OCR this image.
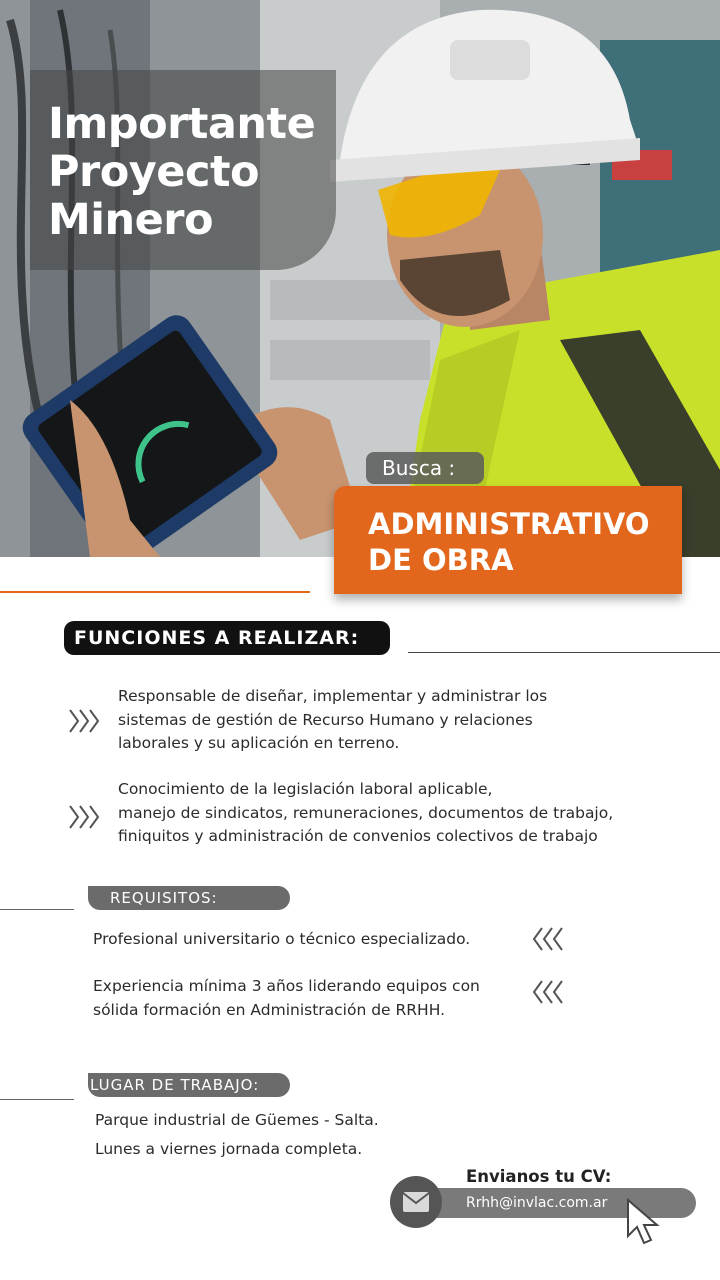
Importante
Proyecto
Minero
Busca :
ADMINISTRATIVO
DE OBRA
FUNCIONES A REALIZAR:
Responsable de diseñar, implementar y administrar los
sistemas de gestión de Recurso Humano y relaciones
laborales y su aplicación en terreno.
Conocimiento de la legislación laboral aplicable,
manejo de sindicatos, remuneraciones, documentos de trabajo,
finiquitos y administración de convenios colectivos de trabajo
REQUISITOS:
Profesional universitario o técnico especializado.
Experiencia mínima 3 años liderando equipos con
sólida formación en Administración de RRHH.
LUGAR DE TRABAJO:
Parque industrial de Güemes - Salta.
Lunes a viernes jornada completa.
Envianos tu CV:
Rrhh@invlac.com.ar
